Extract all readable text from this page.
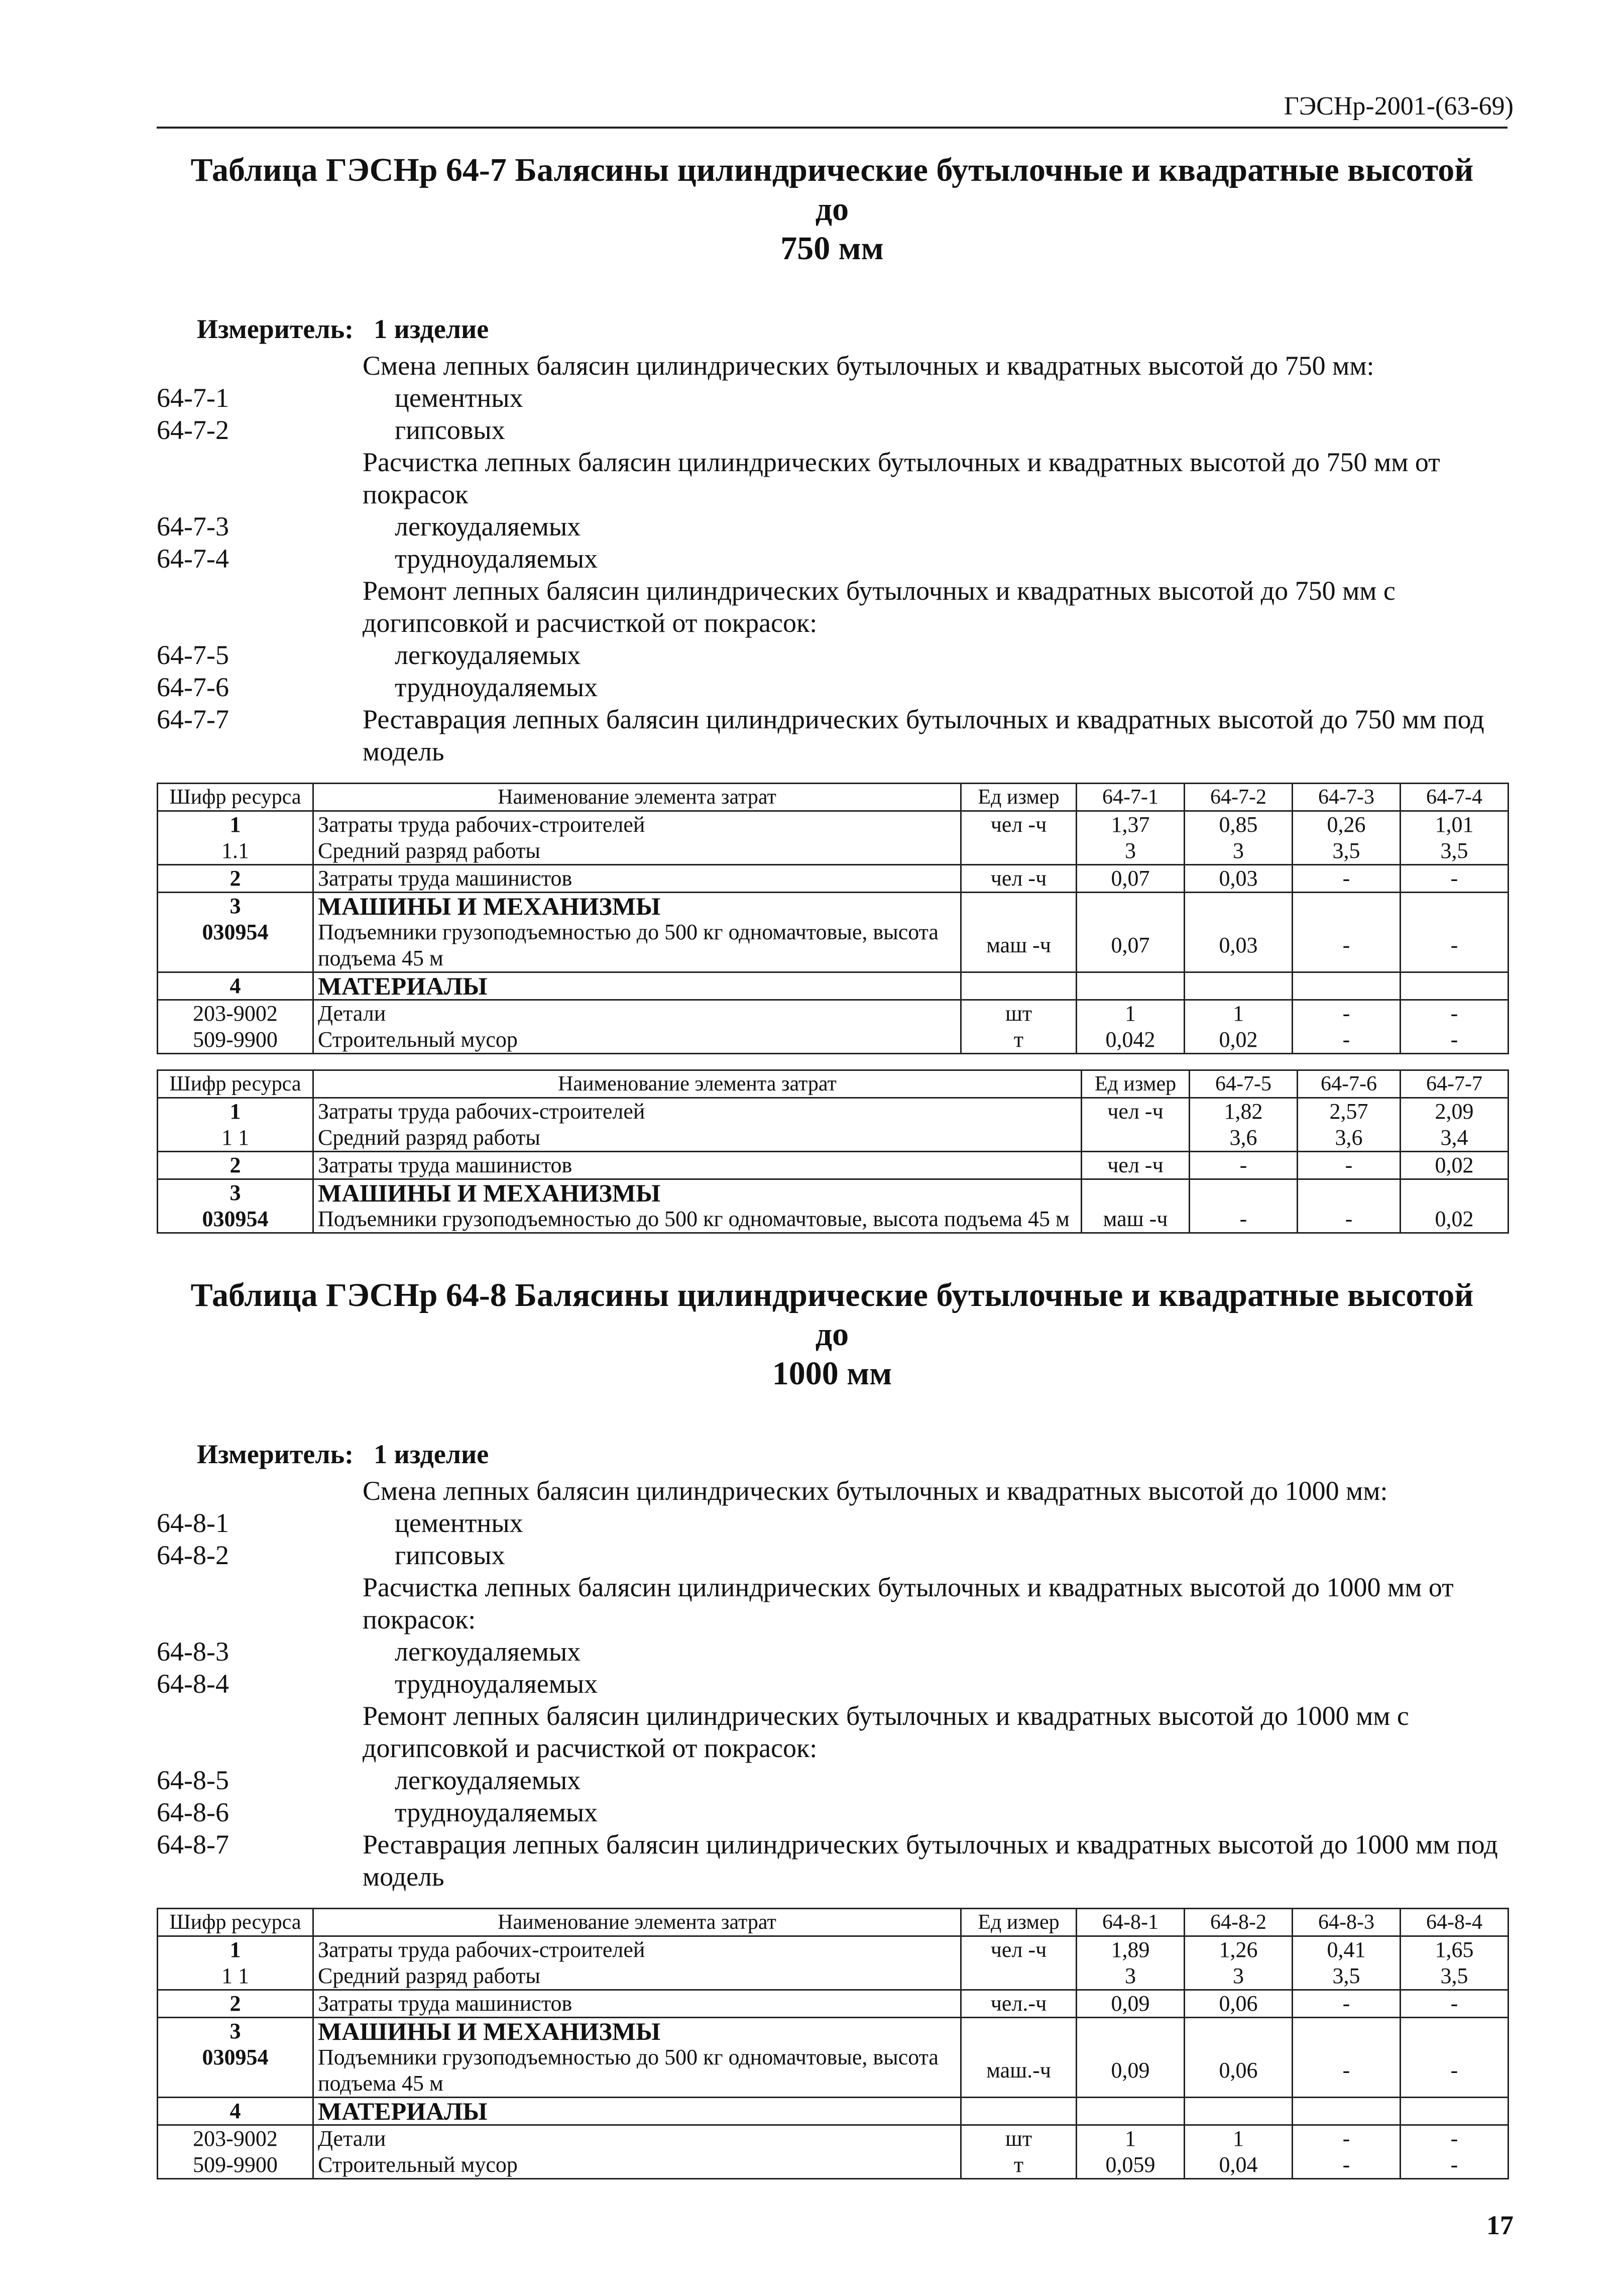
ГЭСНр-2001-(63-69)
Таблица ГЭСНр 64-7 Балясины цилиндрические бутылочные и квадратные высотой до
750 мм
Измеритель: 1 изделие
Смена лепных балясин цилиндрических бутылочных и квадратных высотой до 750 мм:
64-7-1	цементных
64-7-2	гипсовых
Расчистка лепных балясин цилиндрических бутылочных и квадратных высотой до 750 мм от покрасок
64-7-3	легкоудаляемых
64-7-4	трудноудаляемых
Ремонт лепных балясин цилиндрических бутылочных и квадратных высотой до 750 мм с догипсовкой и расчисткой от покрасок:
64-7-5	легкоудаляемых
64-7-6	трудноудаляемых
64-7-7	Реставрация лепных балясин цилиндрических бутылочных и квадратных высотой до 750 мм под модель
Шифр ресурса	Наименование элемента затрат	Ед измер	64-7-1	64-7-2	64-7-3	64-7-4
1	Затраты труда рабочих-строителей	чел -ч	1,37	0,85	0,26	1,01
1.1	Средний разряд работы		3	3	3,5	3,5
2	Затраты труда машинистов	чел -ч	0,07	0,03	-	-
3	МАШИНЫ И МЕХАНИЗМЫ					
030954	Подъемники грузоподъемностью до 500 кг одномачтовые, высота подъема 45 м	маш -ч	0,07	0,03	-	-
4	МАТЕРИАЛЫ					
203-9002	Детали	шт	1	1	-	-
509-9900	Строительный мусор	т	0,042	0,02	-	-
Шифр ресурса	Наименование элемента затрат	Ед измер	64-7-5	64-7-6	64-7-7
1	Затраты труда рабочих-строителей	чел -ч	1,82	2,57	2,09
1 1	Средний разряд работы		3,6	3,6	3,4
2	Затраты труда машинистов	чел -ч	-	-	0,02
3	МАШИНЫ И МЕХАНИЗМЫ				
030954	Подъемники грузоподъемностью до 500 кг одномачтовые, высота подъема 45 м	маш -ч	-	-	0,02
Таблица ГЭСНр 64-8 Балясины цилиндрические бутылочные и квадратные высотой до
1000 мм
Измеритель: 1 изделие
Смена лепных балясин цилиндрических бутылочных и квадратных высотой до 1000 мм:
64-8-1	цементных
64-8-2	гипсовых
Расчистка лепных балясин цилиндрических бутылочных и квадратных высотой до 1000 мм от покрасок:
64-8-3	легкоудаляемых
64-8-4	трудноудаляемых
Ремонт лепных балясин цилиндрических бутылочных и квадратных высотой до 1000 мм с догипсовкой и расчисткой от покрасок:
64-8-5	легкоудаляемых
64-8-6	трудноудаляемых
64-8-7	Реставрация лепных балясин цилиндрических бутылочных и квадратных высотой до 1000 мм под модель
Шифр ресурса	Наименование элемента затрат	Ед измер	64-8-1	64-8-2	64-8-3	64-8-4
1	Затраты труда рабочих-строителей	чел -ч	1,89	1,26	0,41	1,65
1 1	Средний разряд работы		3	3	3,5	3,5
2	Затраты труда машинистов	чел.-ч	0,09	0,06	-	-
3	МАШИНЫ И МЕХАНИЗМЫ					
030954	Подъемники грузоподъемностью до 500 кг одномачтовые, высота подъема 45 м	маш.-ч	0,09	0,06	-	-
4	МАТЕРИАЛЫ					
203-9002	Детали	шт	1	1	-	-
509-9900	Строительный мусор	т	0,059	0,04	-	-
17
